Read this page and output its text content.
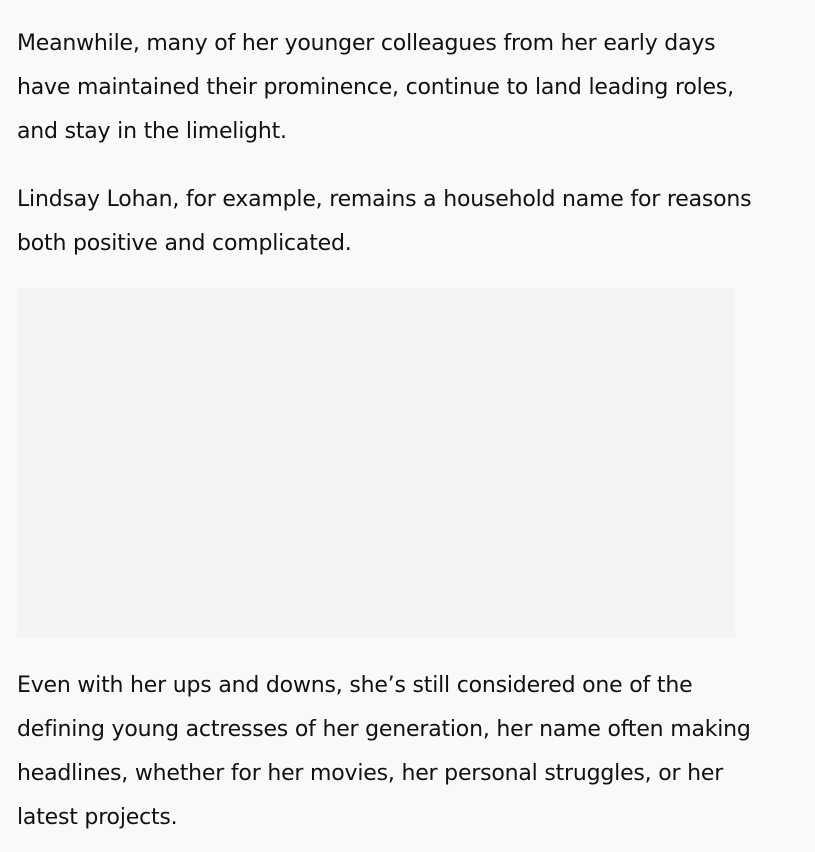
Meanwhile, many of her younger colleagues from her early days
have maintained their prominence, continue to land leading roles,
and stay in the limelight.

Lindsay Lohan, for example, remains a household name for reasons
both positive and complicated.

Even with her ups and downs, she’s still considered one of the
defining young actresses of her generation, her name often making
headlines, whether for her movies, her personal struggles, or her
latest projects.
